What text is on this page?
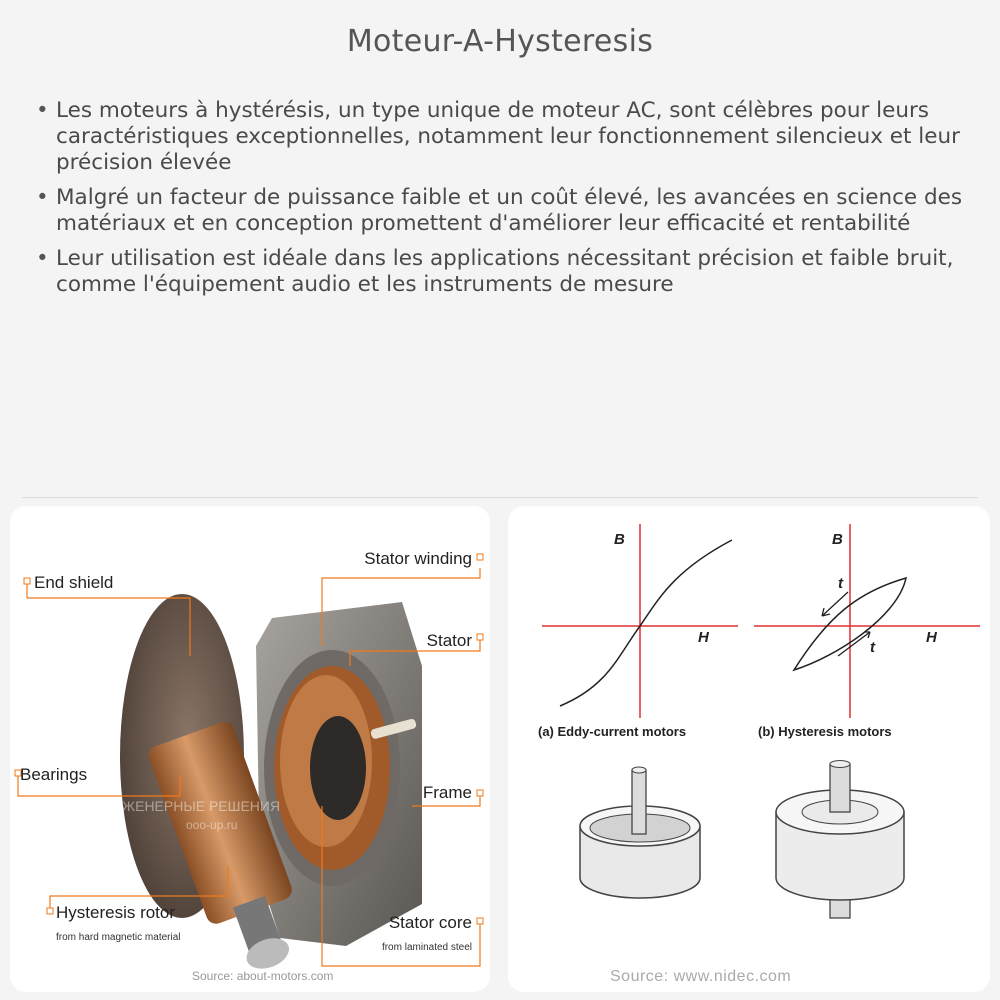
Moteur-A-Hysteresis
• Les moteurs à hystérésis, un type unique de moteur AC, sont célèbres pour leurs caractéristiques exceptionnelles, notamment leur fonctionnement silencieux et leur précision élevée
• Malgré un facteur de puissance faible et un coût élevé, les avancées en science des matériaux et en conception promettent d'améliorer leur efficacité et rentabilité
• Leur utilisation est idéale dans les applications nécessitant précision et faible bruit, comme l'équipement audio et les instruments de mesure
End shield
Stator winding
Stator
Bearings
Frame
Hysteresis rotor
from hard magnetic material
Stator core
from laminated steel
ИНЖЕНЕРНЫЕ РЕШЕНИЯ
ooo-up.ru
Source: about-motors.com
B
H
(a) Eddy-current motors
B
H
t
t
(b) Hysteresis motors
Source: www.nidec.com
